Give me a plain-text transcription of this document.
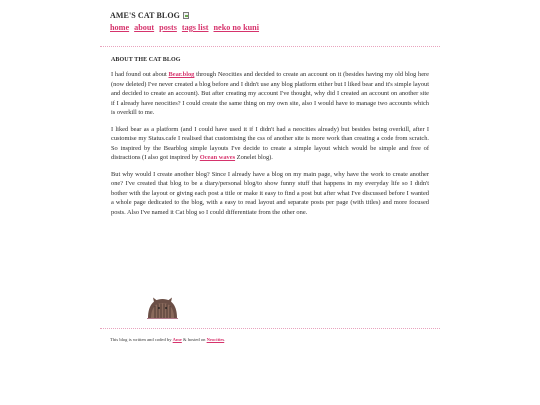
AME'S CAT BLOG
home about posts tags list neko no kuni
ABOUT THE CAT BLOG

I had found out about Bear.blog through Neocities and decided to create an account on it (besides having my old blog here (now deleted) I've never created a blog before and I didn't use any blog platform either but I liked bear and it's simple layout and decided to create an account). But after creating my account I've thought, why did I created an account on another site if I already have neocities? I could create the same thing on my own site, also I would have to manage two accounts which is overkill to me.

I liked bear as a platform (and I could have used it if I didn't had a neocities already) but besides being overkill, after I customise my Status.cafe I realised that customising the css of another site is more work than creating a code from scratch. So inspired by the Bearblog simple layouts I've decide to create a simple layout which would be simple and free of distractions (I also got inspired by Ocean waves Zonelet blog).

But why would I create another blog? Since I already have a blog on my main page, why have the work to create another one? I've created that blog to be a diary/personal blog/to show funny stuff that happens in my everyday life so I didn't bother with the layout or giving each post a title or make it easy to find a post but after what I've discussed before I wanted a whole page dedicated to the blog, with a easy to read layout and separate posts per page (with titles) and more focused posts. Also I've named it Cat blog so I could differentiate from the other one.

This blog is written and coded by Ame & hosted on Neocities.
